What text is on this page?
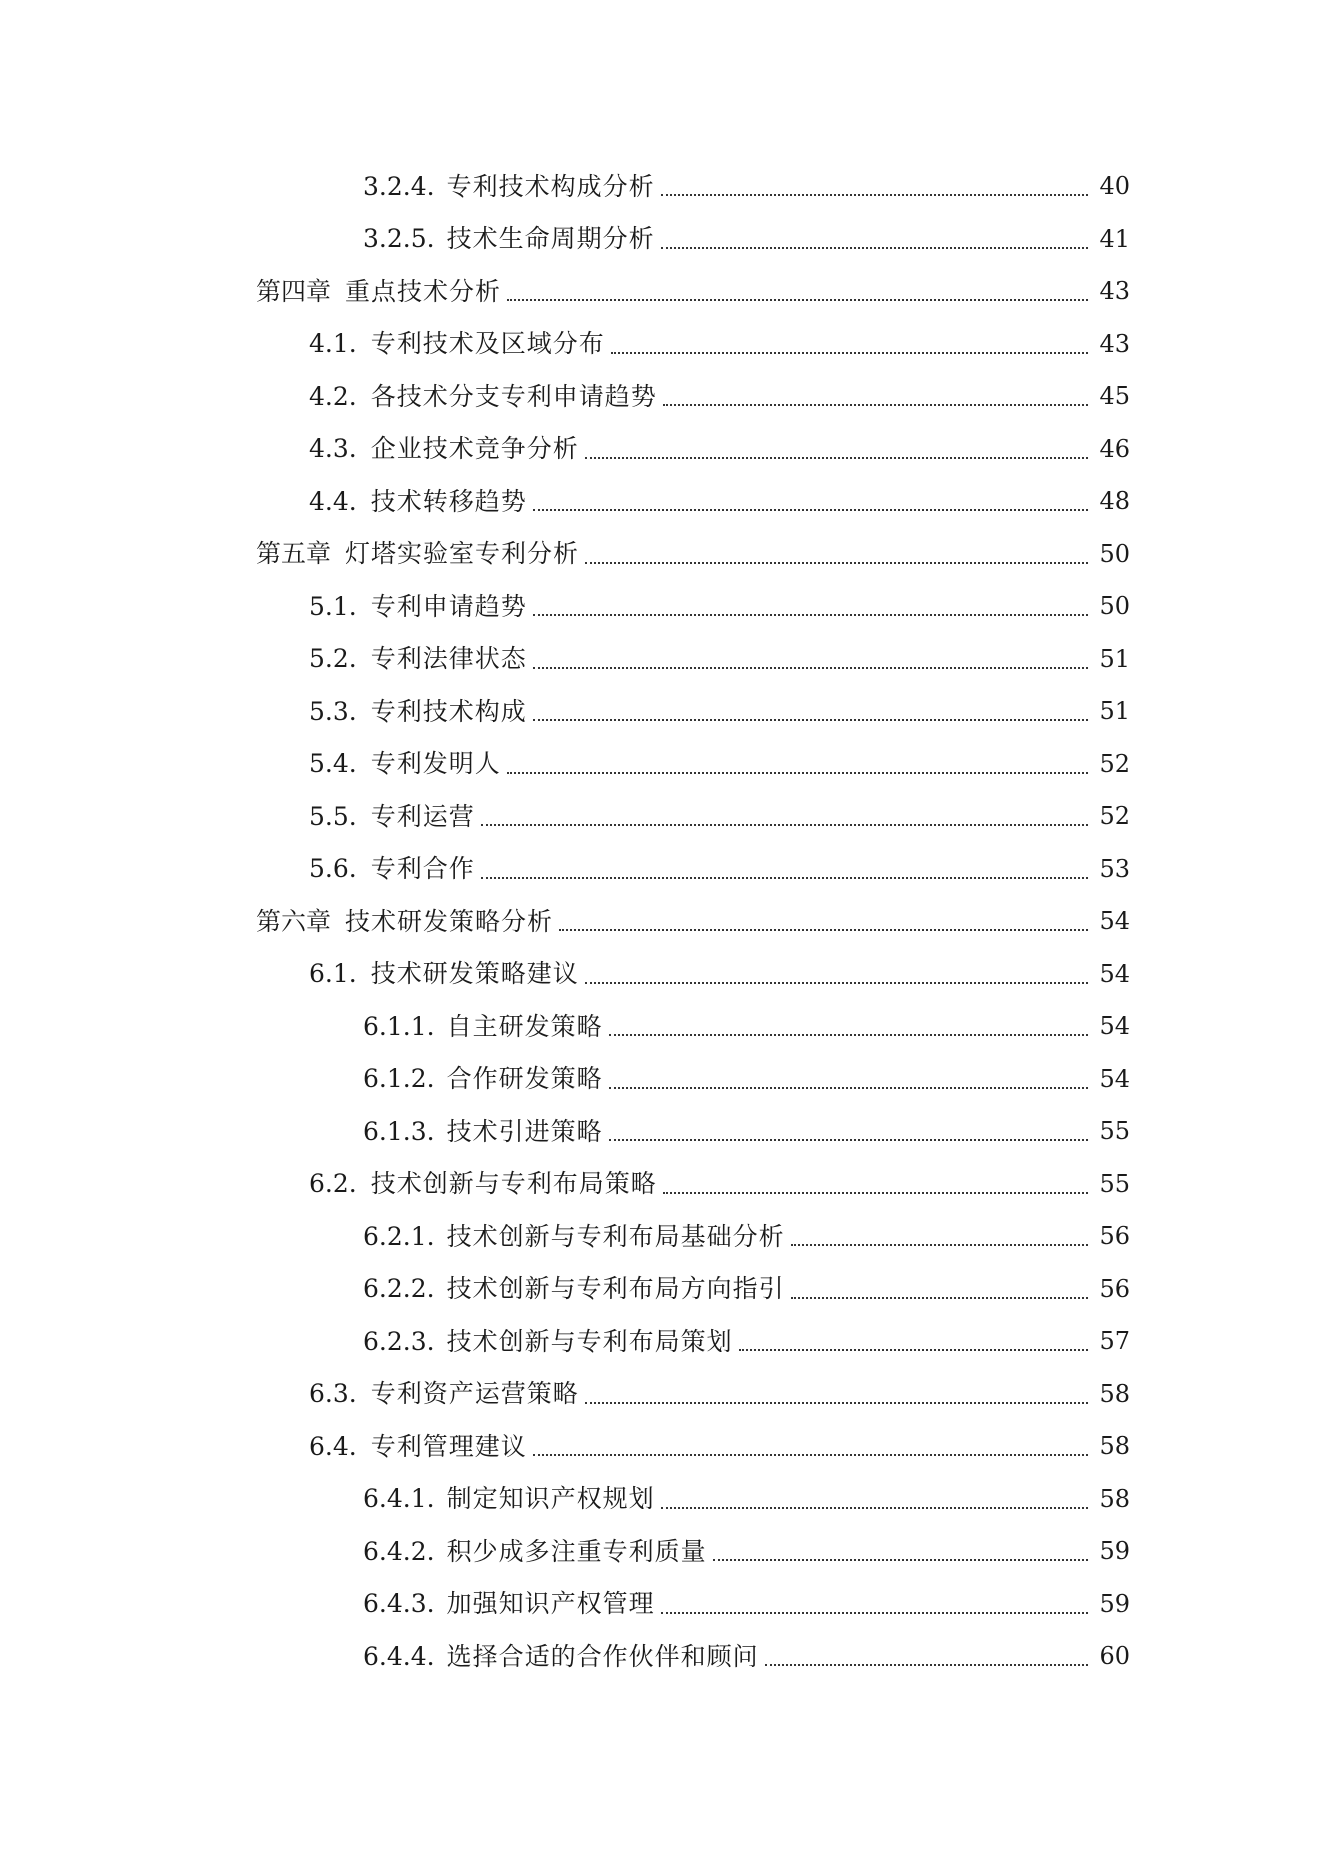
3.2.4. 专利技术构成分析	40
3.2.5. 技术生命周期分析	41
第四章 重点技术分析	43
4.1. 专利技术及区域分布	43
4.2. 各技术分支专利申请趋势	45
4.3. 企业技术竞争分析	46
4.4. 技术转移趋势	48
第五章 灯塔实验室专利分析	50
5.1. 专利申请趋势	50
5.2. 专利法律状态	51
5.3. 专利技术构成	51
5.4. 专利发明人	52
5.5. 专利运营	52
5.6. 专利合作	53
第六章 技术研发策略分析	54
6.1. 技术研发策略建议	54
6.1.1. 自主研发策略	54
6.1.2. 合作研发策略	54
6.1.3. 技术引进策略	55
6.2. 技术创新与专利布局策略	55
6.2.1. 技术创新与专利布局基础分析	56
6.2.2. 技术创新与专利布局方向指引	56
6.2.3. 技术创新与专利布局策划	57
6.3. 专利资产运营策略	58
6.4. 专利管理建议	58
6.4.1. 制定知识产权规划	58
6.4.2. 积少成多注重专利质量	59
6.4.3. 加强知识产权管理	59
6.4.4. 选择合适的合作伙伴和顾问	60
